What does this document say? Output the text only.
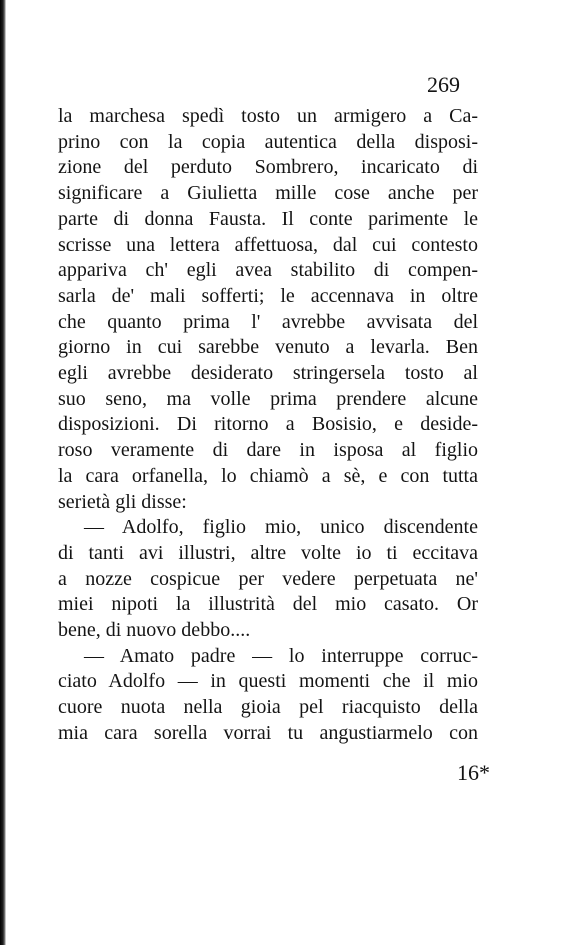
269
la marchesa spedì tosto un armigero a Ca-
prino con la copia autentica della disposi-
zione del perduto Sombrero, incaricato di
significare a Giulietta mille cose anche per
parte di donna Fausta. Il conte parimente le
scrisse una lettera affettuosa, dal cui contesto
appariva ch' egli avea stabilito di compen-
sarla de' mali sofferti; le accennava in oltre
che quanto prima l' avrebbe avvisata del
giorno in cui sarebbe venuto a levarla. Ben
egli avrebbe desiderato stringersela tosto al
suo seno, ma volle prima prendere alcune
disposizioni. Di ritorno a Bosisio, e deside-
roso veramente di dare in isposa al figlio
la cara orfanella, lo chiamò a sè, e con tutta
serietà gli disse:
— Adolfo, figlio mio, unico discendente
di tanti avi illustri, altre volte io ti eccitava
a nozze cospicue per vedere perpetuata ne'
miei nipoti la illustrità del mio casato. Or
bene, di nuovo debbo....
— Amato padre — lo interruppe corruc-
ciato Adolfo — in questi momenti che il mio
cuore nuota nella gioia pel riacquisto della
mia cara sorella vorrai tu angustiarmelo con
16*
